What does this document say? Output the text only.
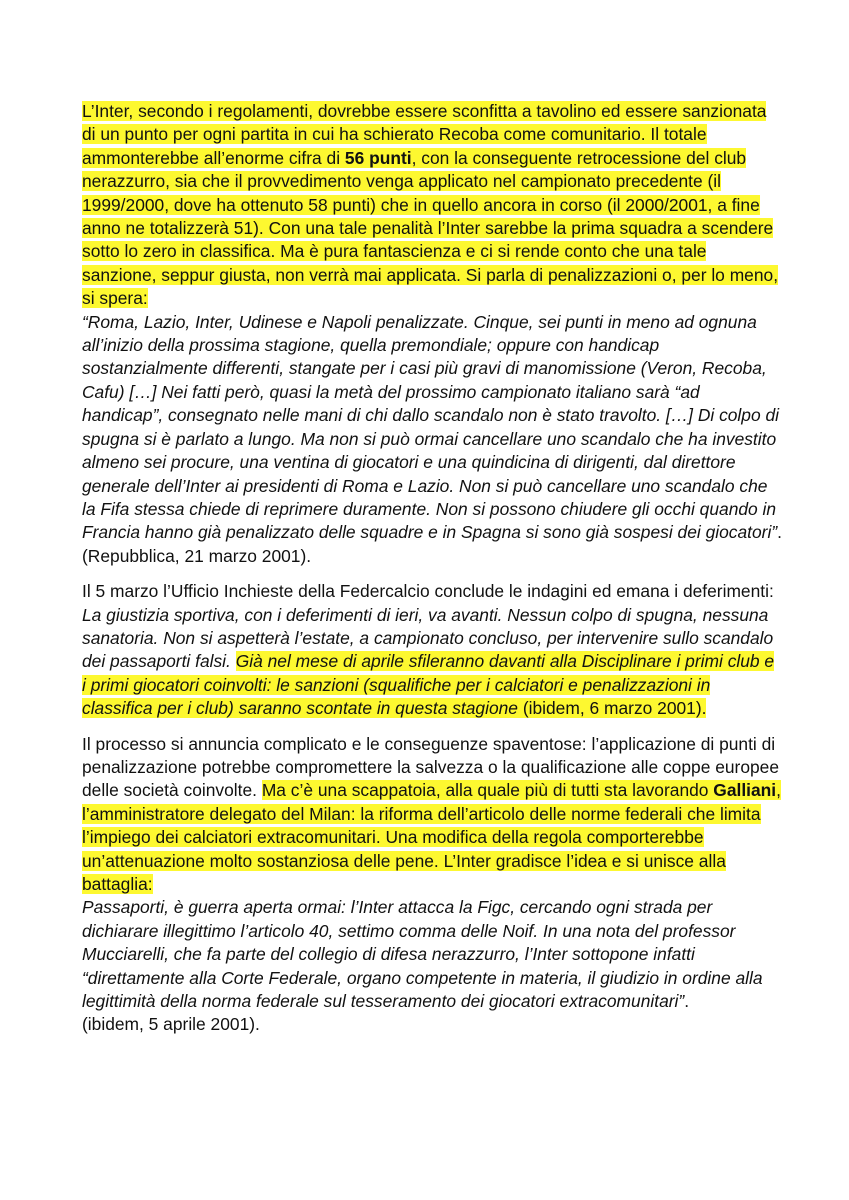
L’Inter, secondo i regolamenti, dovrebbe essere sconfitta a tavolino ed essere sanzionata di un punto per ogni partita in cui ha schierato Recoba come comunitario. Il totale ammonterebbe all’enorme cifra di 56 punti, con la conseguente retrocessione del club nerazzurro, sia che il provvedimento venga applicato nel campionato precedente (il 1999/2000, dove ha ottenuto 58 punti) che in quello ancora in corso (il 2000/2001, a fine anno ne totalizzerà 51). Con una tale penalità l’Inter sarebbe la prima squadra a scendere sotto lo zero in classifica. Ma è pura fantascienza e ci si rende conto che una tale sanzione, seppur giusta, non verrà mai applicata. Si parla di penalizzazioni o, per lo meno, si spera:

“Roma, Lazio, Inter, Udinese e Napoli penalizzate. Cinque, sei punti in meno ad ognuna all’inizio della prossima stagione, quella premondiale; oppure con handicap sostanzialmente differenti, stangate per i casi più gravi di manomissione (Veron, Recoba, Cafu) […] Nei fatti però, quasi la metà del prossimo campionato italiano sarà “ad handicap”, consegnato nelle mani di chi dallo scandalo non è stato travolto. […] Di colpo di spugna si è parlato a lungo. Ma non si può ormai cancellare uno scandalo che ha investito almeno sei procure, una ventina di giocatori e una quindicina di dirigenti, dal direttore generale dell’Inter ai presidenti di Roma e Lazio. Non si può cancellare uno scandalo che la Fifa stessa chiede di reprimere duramente. Non si possono chiudere gli occhi quando in Francia hanno già penalizzato delle squadre e in Spagna si sono già sospesi dei giocatori”. (Repubblica, 21 marzo 2001).

Il 5 marzo l’Ufficio Inchieste della Federcalcio conclude le indagini ed emana i deferimenti:

La giustizia sportiva, con i deferimenti di ieri, va avanti. Nessun colpo di spugna, nessuna sanatoria. Non si aspetterà l’estate, a campionato concluso, per intervenire sullo scandalo dei passaporti falsi. Già nel mese di aprile sfileranno davanti alla Disciplinare i primi club e i primi giocatori coinvolti: le sanzioni (squalifiche per i calciatori e penalizzazioni in classifica per i club) saranno scontate in questa stagione (ibidem, 6 marzo 2001).

Il processo si annuncia complicato e le conseguenze spaventose: l’applicazione di punti di penalizzazione potrebbe compromettere la salvezza o la qualificazione alle coppe europee delle società coinvolte. Ma c’è una scappatoia, alla quale più di tutti sta lavorando Galliani, l’amministratore delegato del Milan: la riforma dell’articolo delle norme federali che limita l’impiego dei calciatori extracomunitari. Una modifica della regola comporterebbe un’attenuazione molto sostanziosa delle pene. L’Inter gradisce l’idea e si unisce alla battaglia:

Passaporti, è guerra aperta ormai: l’Inter attacca la Figc, cercando ogni strada per dichiarare illegittimo l’articolo 40, settimo comma delle Noif. In una nota del professor Mucciarelli, che fa parte del collegio di difesa nerazzurro, l’Inter sottopone infatti “direttamente alla Corte Federale, organo competente in materia, il giudizio in ordine alla legittimità della norma federale sul tesseramento dei giocatori extracomunitari”.
(ibidem, 5 aprile 2001).
